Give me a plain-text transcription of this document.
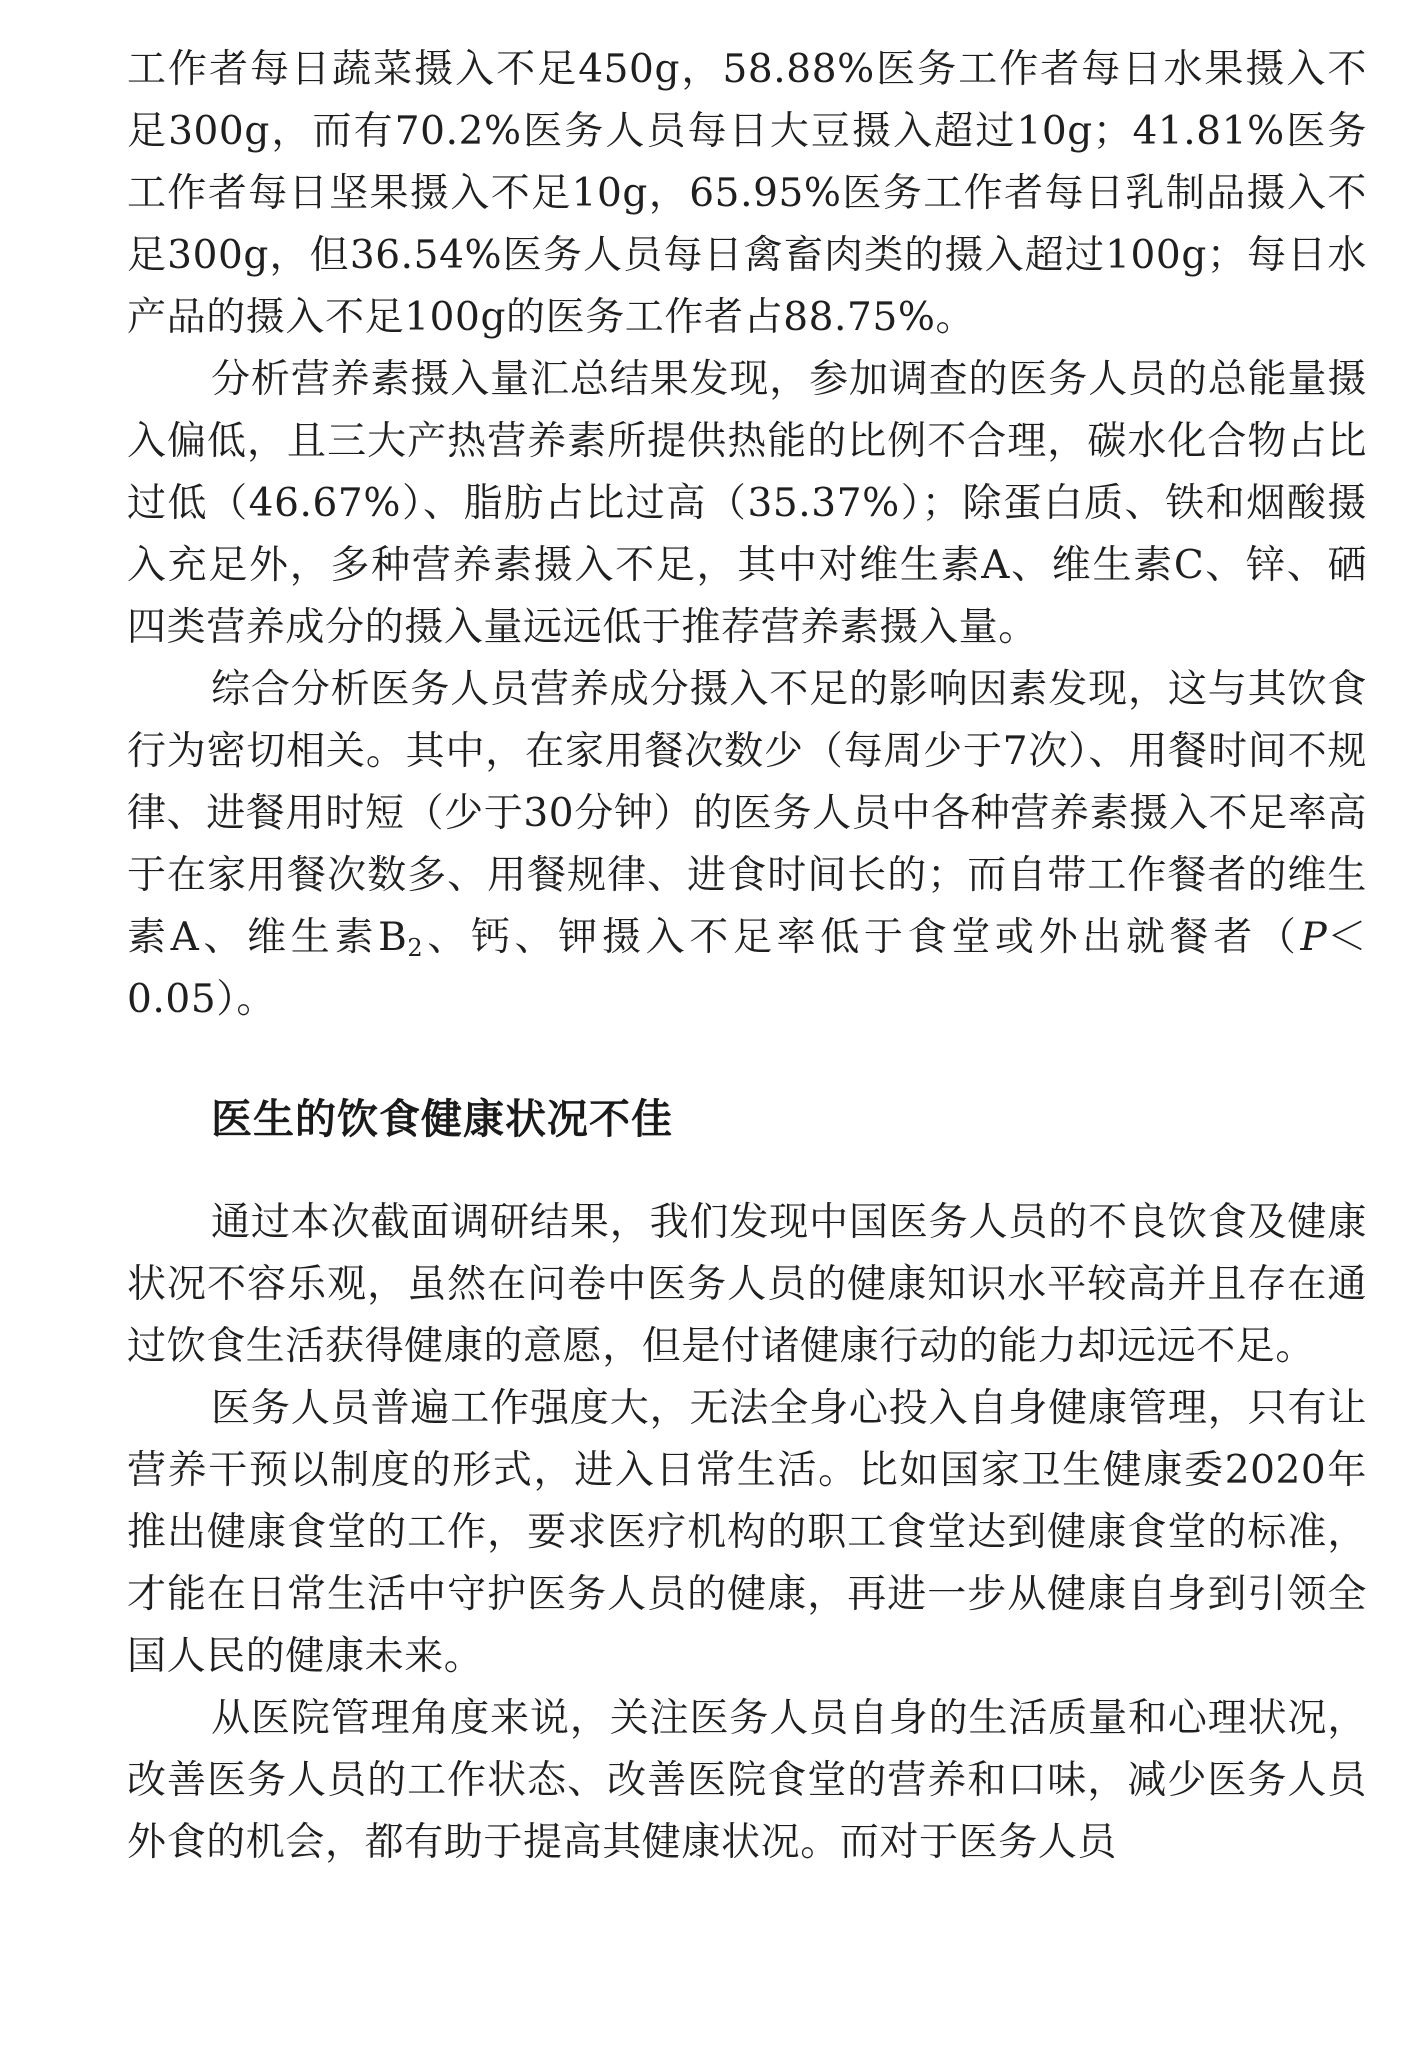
工作者每日蔬菜摄入不足450g，58.88%医务工作者每日水果摄入不足300g，而有70.2%医务人员每日大豆摄入超过10g；41.81%医务工作者每日坚果摄入不足10g，65.95%医务工作者每日乳制品摄入不足300g，但36.54%医务人员每日禽畜肉类的摄入超过100g；每日水产品的摄入不足100g的医务工作者占88.75%。

分析营养素摄入量汇总结果发现，参加调查的医务人员的总能量摄入偏低，且三大产热营养素所提供热能的比例不合理，碳水化合物占比过低（46.67%）、脂肪占比过高（35.37%）；除蛋白质、铁和烟酸摄入充足外，多种营养素摄入不足，其中对维生素A、维生素C、锌、硒四类营养成分的摄入量远远低于推荐营养素摄入量。

综合分析医务人员营养成分摄入不足的影响因素发现，这与其饮食行为密切相关。其中，在家用餐次数少（每周少于7次）、用餐时间不规律、进餐用时短（少于30分钟）的医务人员中各种营养素摄入不足率高于在家用餐次数多、用餐规律、进食时间长的；而自带工作餐者的维生素A、维生素$B_2$、钙、钾摄入不足率低于食堂或外出就餐者（P＜0.05）。

医生的饮食健康状况不佳

通过本次截面调研结果，我们发现中国医务人员的不良饮食及健康状况不容乐观，虽然在问卷中医务人员的健康知识水平较高并且存在通过饮食生活获得健康的意愿，但是付诸健康行动的能力却远远不足。

医务人员普遍工作强度大，无法全身心投入自身健康管理，只有让营养干预以制度的形式，进入日常生活。比如国家卫生健康委2020年推出健康食堂的工作，要求医疗机构的职工食堂达到健康食堂的标准，才能在日常生活中守护医务人员的健康，再进一步从健康自身到引领全国人民的健康未来。

从医院管理角度来说，关注医务人员自身的生活质量和心理状况，改善医务人员的工作状态、改善医院食堂的营养和口味，减少医务人员外食的机会，都有助于提高其健康状况。而对于医务人员
